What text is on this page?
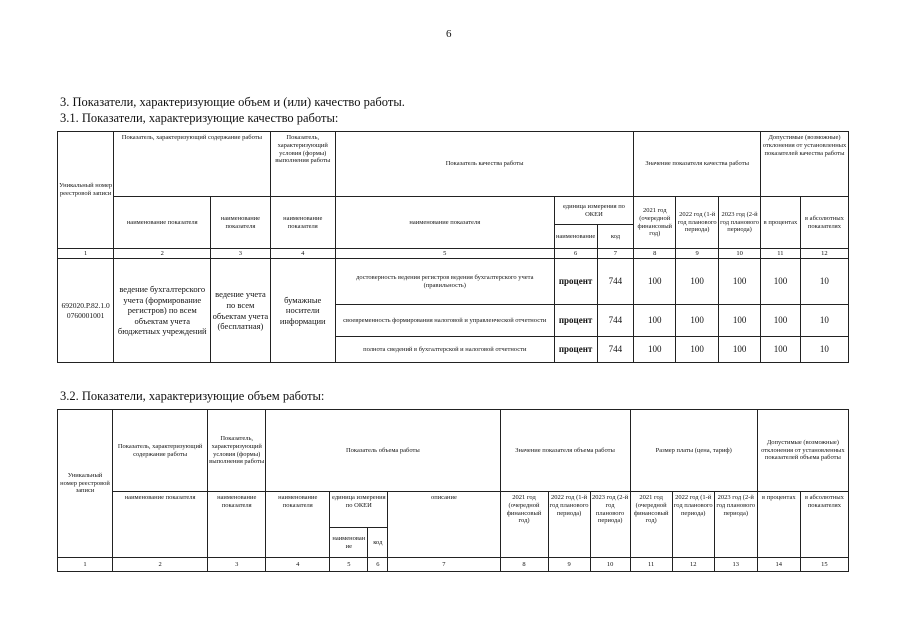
6
3. Показатели, характеризующие объем и (или) качество работы.
3.1. Показатели, характеризующие качество работы:
Уникальный номер реестровой записи	Показатель, характеризующий содержание работы		Показатель, характеризующий условия (формы) выполнения работы	Показатель качества работы			Значение показателя качества работы			Допустимые (возможные) отклонения от установленных показателей качества работы	
	наименование показателя	наименование показателя	наименование показателя	наименование показателя	единица измерения по ОКЕИ		2021 год (очередной финансовый год)	2022 год (1-й год планового периода)	2023 год (2-й год планового периода)	в процентах	в абсолютных показателях
					наименование	код					
1	2	3	4	5	6	7	8	9	10	11	12
692020.Р.82.1.0 0760001001	ведение бухгалтерского учета (формирование регистров) по всем объектам учета бюджетных учреждений	ведение учета по всем объектам учета (бесплатная)	бумажные носители информации	достоверность ведения регистров ведения бухгалтерского учета (правильность)	процент	744	100	100	100	100	10
				своевременность формирования налоговой и управленческой отчетности	процент	744	100	100	100	100	10
				полнота сведений в бухгалтерской и налоговой отчетности	процент	744	100	100	100	100	10
3.2. Показатели, характеризующие объем работы:
Уникальный номер реестровой записи	Показатель, характеризующий содержание работы	Показатель, характеризующий условия (формы) выполнения работы	Показатель объема работы				Значение показателя объема работы			Размер платы (цена, тариф)			Допустимые (возможные) отклонения от установленных показателей объема работы	
	наименование показателя	наименование показателя	наименование показателя	единица измерения по ОКЕИ		описание	2021 год (очередной финансовый год)	2022 год (1-й год планового периода)	2023 год (2-й год планового периода)	2021 год (очередной финансовый год)	2022 год (1-й год планового периода)	2023 год (2-й год планового периода)	в процентах	в абсолютных показателях
				наименование	код									
1	2	3	4	5	6	7	8	9	10	11	12	13	14	15
